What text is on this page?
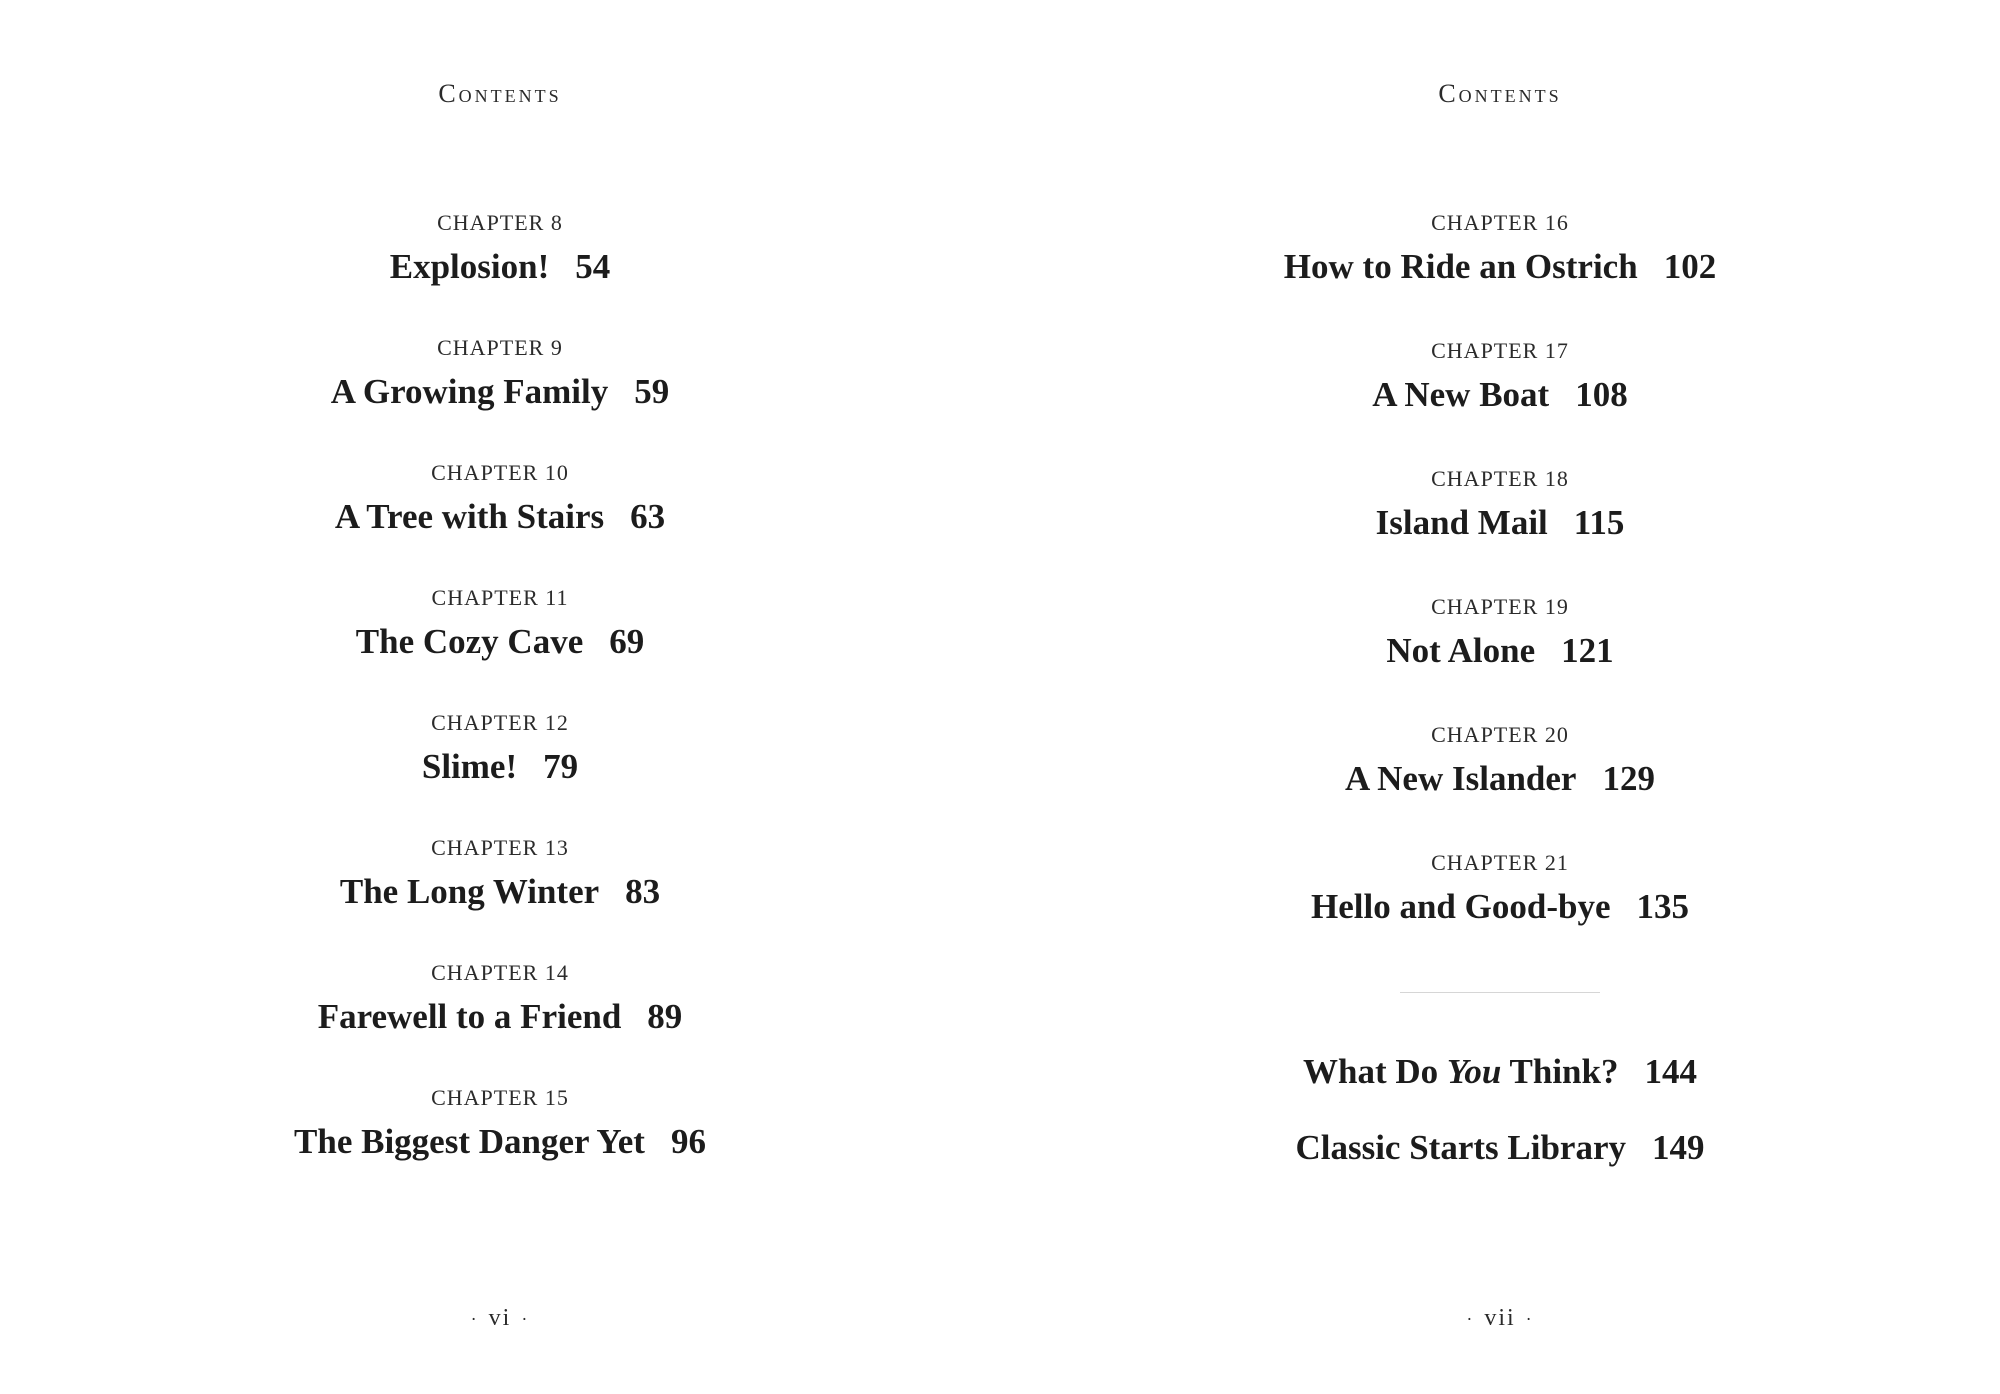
Contents
CHAPTER 8
Explosion! 54
CHAPTER 9
A Growing Family 59
CHAPTER 10
A Tree with Stairs 63
CHAPTER 11
The Cozy Cave 69
CHAPTER 12
Slime! 79
CHAPTER 13
The Long Winter 83
CHAPTER 14
Farewell to a Friend 89
CHAPTER 15
The Biggest Danger Yet 96
· vi ·
Contents
CHAPTER 16
How to Ride an Ostrich 102
CHAPTER 17
A New Boat 108
CHAPTER 18
Island Mail 115
CHAPTER 19
Not Alone 121
CHAPTER 20
A New Islander 129
CHAPTER 21
Hello and Good-bye 135
What Do You Think? 144
Classic Starts Library 149
· vii ·
